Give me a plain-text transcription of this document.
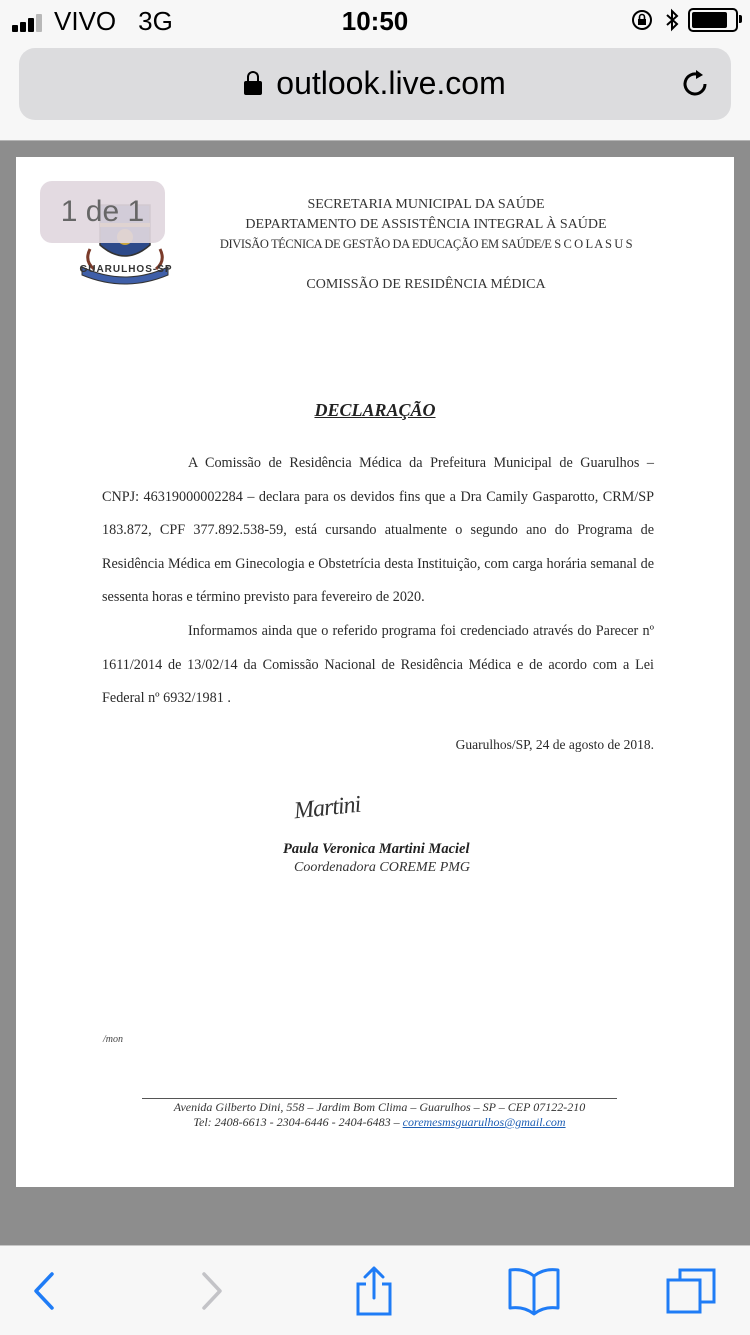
VIVO 3G	10:50
outlook.live.com
GUARULHOS-SP
SECRETARIA MUNICIPAL DA SAÚDE
DEPARTAMENTO DE ASSISTÊNCIA INTEGRAL À SAÚDE
DIVISÃO TÉCNICA DE GESTÃO DA EDUCAÇÃO EM SAÚDE/E S C O L A S U S
COMISSÃO DE RESIDÊNCIA MÉDICA
DECLARAÇÃO

A Comissão de Residência Médica da Prefeitura Municipal de Guarulhos – CNPJ: 46319000002284 – declara para os devidos fins que a Dra Camily Gasparotto, CRM/SP 183.872, CPF 377.892.538-59, está cursando atualmente o segundo ano do Programa de Residência Médica em Ginecologia e Obstetrícia desta Instituição, com carga horária semanal de sessenta horas e término previsto para fevereiro de 2020.

Informamos ainda que o referido programa foi credenciado através do Parecer nº 1611/2014 de 13/02/14 da Comissão Nacional de Residência Médica e de acordo com a Lei Federal nº 6932/1981 .

Guarulhos/SP, 24 de agosto de 2018.
Martini
Paula Veronica Martini Maciel
Coordenadora COREME PMG
/mon
Avenida Gilberto Dini, 558 – Jardim Bom Clima – Guarulhos – SP – CEP 07122-210
Tel: 2408-6613 - 2304-6446 - 2404-6483 – coremesmsguarulhos@gmail.com
1 de 1
